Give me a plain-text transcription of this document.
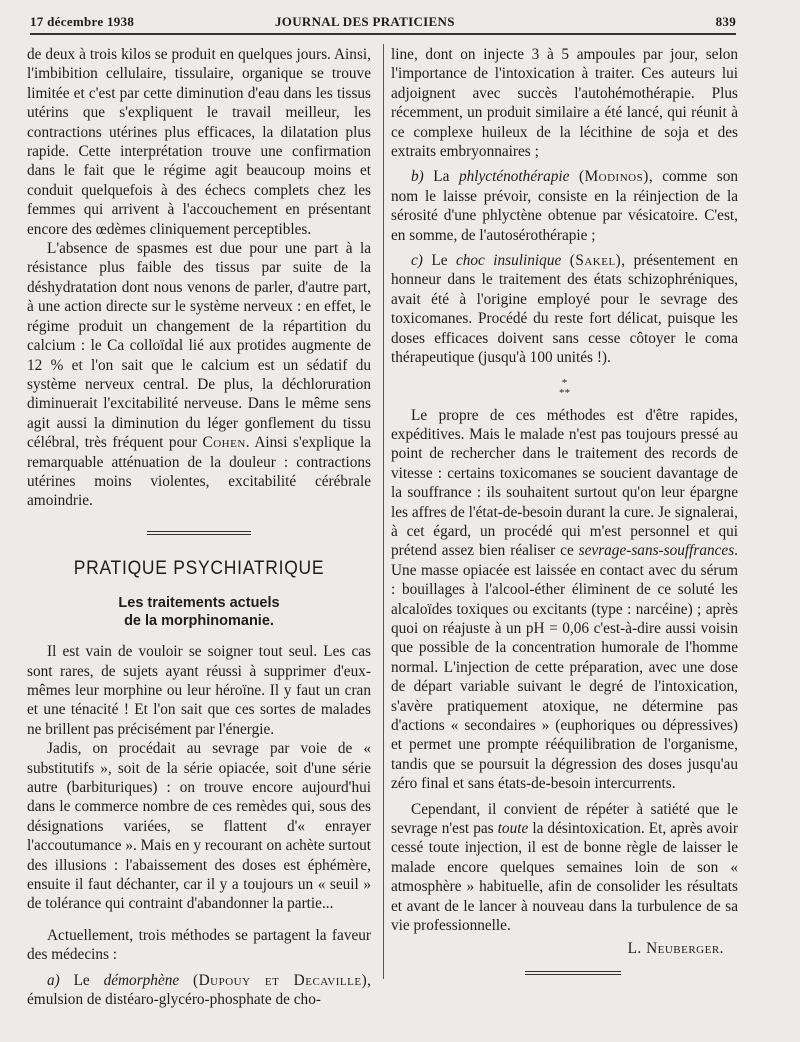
17 décembre 1938	JOURNAL DES PRATICIENS	839

de deux à trois kilos se produit en quelques jours. Ainsi, l'imbibition cellulaire, tissulaire, organique se trouve limitée et c'est par cette diminution d'eau dans les tissus utérins que s'expliquent le travail meilleur, les contractions utérines plus efficaces, la dilatation plus rapide. Cette interprétation trouve une confirmation dans le fait que le régime agit beaucoup moins et conduit quelquefois à des échecs complets chez les femmes qui arrivent à l'accouchement en présentant encore des œdèmes cliniquement perceptibles.

L'absence de spasmes est due pour une part à la résistance plus faible des tissus par suite de la déshydratation dont nous venons de parler, d'autre part, à une action directe sur le système nerveux : en effet, le régime produit un changement de la répartition du calcium : le Ca colloïdal lié aux protides augmente de 12 % et l'on sait que le calcium est un sédatif du système nerveux central. De plus, la déchloruration diminuerait l'excitabilité nerveuse. Dans le même sens agit aussi la diminution du léger gonflement du tissu célébral, très fréquent pour Cohen. Ainsi s'explique la remarquable atténuation de la douleur : contractions utérines moins violentes, excitabilité cérébrale amoindrie.

PRATIQUE PSYCHIATRIQUE

Les traitements actuels
de la morphinomanie.

Il est vain de vouloir se soigner tout seul. Les cas sont rares, de sujets ayant réussi à supprimer d'eux-mêmes leur morphine ou leur héroïne. Il y faut un cran et une ténacité ! Et l'on sait que ces sortes de malades ne brillent pas précisément par l'énergie.

Jadis, on procédait au sevrage par voie de « substitutifs », soit de la série opiacée, soit d'une série autre (barbituriques) : on trouve encore aujourd'hui dans le commerce nombre de ces remèdes qui, sous des désignations variées, se flattent d'« enrayer l'accoutumance ». Mais en y recourant on achète surtout des illusions : l'abaissement des doses est éphémère, ensuite il faut déchanter, car il y a toujours un « seuil » de tolérance qui contraint d'abandonner la partie...

Actuellement, trois méthodes se partagent la faveur des médecins :

a) Le démorphène (Dupouy et Decaville), émulsion de distéaro-glycéro-phosphate de cho-

line, dont on injecte 3 à 5 ampoules par jour, selon l'importance de l'intoxication à traiter. Ces auteurs lui adjoignent avec succès l'autohémothérapie. Plus récemment, un produit similaire a été lancé, qui réunit à ce complexe huileux de la lécithine de soja et des extraits embryonnaires ;

b) La phlycténothérapie (Modinos), comme son nom le laisse prévoir, consiste en la réinjection de la sérosité d'une phlyctène obtenue par vésicatoire. C'est, en somme, de l'autosérothérapie ;

c) Le choc insulinique (Sakel), présentement en honneur dans le traitement des états schizophréniques, avait été à l'origine employé pour le sevrage des toxicomanes. Procédé du reste fort délicat, puisque les doses efficaces doivent sans cesse côtoyer le coma thérapeutique (jusqu'à 100 unités !).

*
**

Le propre de ces méthodes est d'être rapides, expéditives. Mais le malade n'est pas toujours pressé au point de rechercher dans le traitement des records de vitesse : certains toxicomanes se soucient davantage de la souffrance : ils souhaitent surtout qu'on leur épargne les affres de l'état-de-besoin durant la cure. Je signalerai, à cet égard, un procédé qui m'est personnel et qui prétend assez bien réaliser ce sevrage-sans-souffrances. Une masse opiacée est laissée en contact avec du sérum : bouillages à l'alcool-éther éliminent de ce soluté les alcaloïdes toxiques ou excitants (type : narcéine) ; après quoi on réajuste à un pH = 0,06 c'est-à-dire aussi voisin que possible de la concentration humorale de l'homme normal. L'injection de cette préparation, avec une dose de départ variable suivant le degré de l'intoxication, s'avère pratiquement atoxique, ne détermine pas d'actions « secondaires » (euphoriques ou dépressives) et permet une prompte rééquilibration de l'organisme, tandis que se poursuit la dégression des doses jusqu'au zéro final et sans états-de-besoin intercurrents.

Cependant, il convient de répéter à satiété que le sevrage n'est pas toute la désintoxication. Et, après avoir cessé toute injection, il est de bonne règle de laisser le malade encore quelques semaines loin de son « atmosphère » habituelle, afin de consolider les résultats et avant de le lancer à nouveau dans la turbulence de sa vie professionnelle.

L. Neuberger.
